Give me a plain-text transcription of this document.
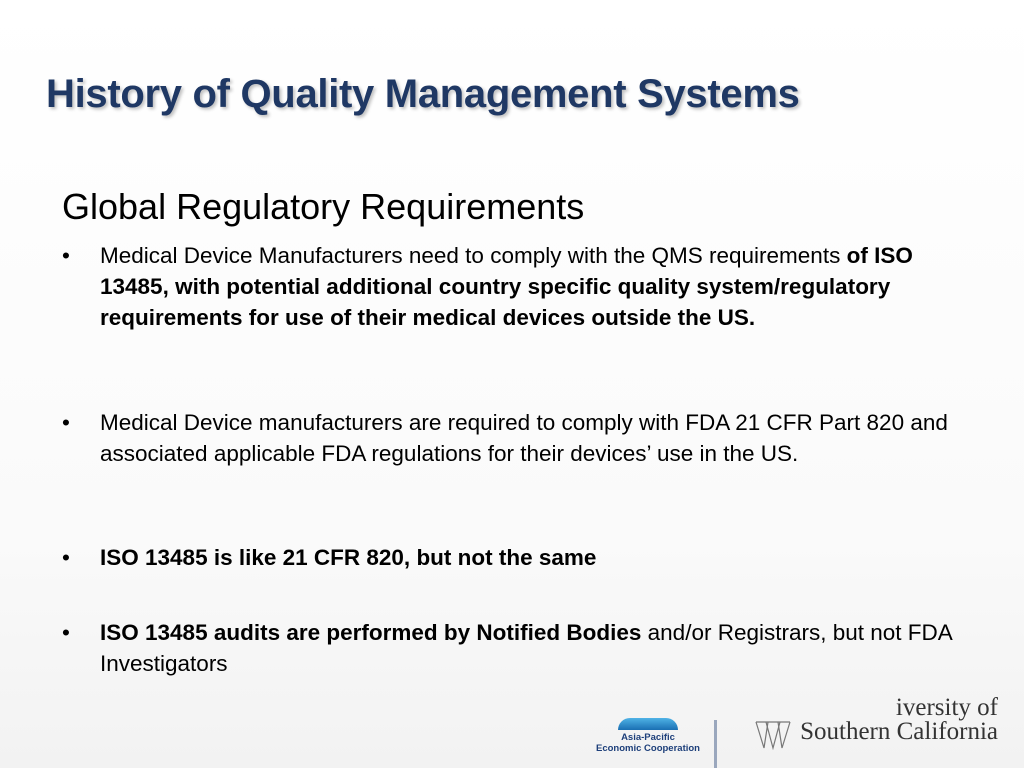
History of Quality Management Systems
Global Regulatory Requirements
• Medical Device Manufacturers need to comply with the QMS requirements of ISO 13485, with potential additional country specific quality system/regulatory requirements for use of their medical devices outside the US.
• Medical Device manufacturers are required to comply with FDA 21 CFR Part 820 and associated applicable FDA regulations for their devices’ use in the US.
• ISO 13485 is like 21 CFR 820, but not the same
• ISO 13485 audits are performed by Notified Bodies and/or Registrars, but not FDA Investigators
Asia-Pacific
Economic Cooperation
iversity of
Southern California
